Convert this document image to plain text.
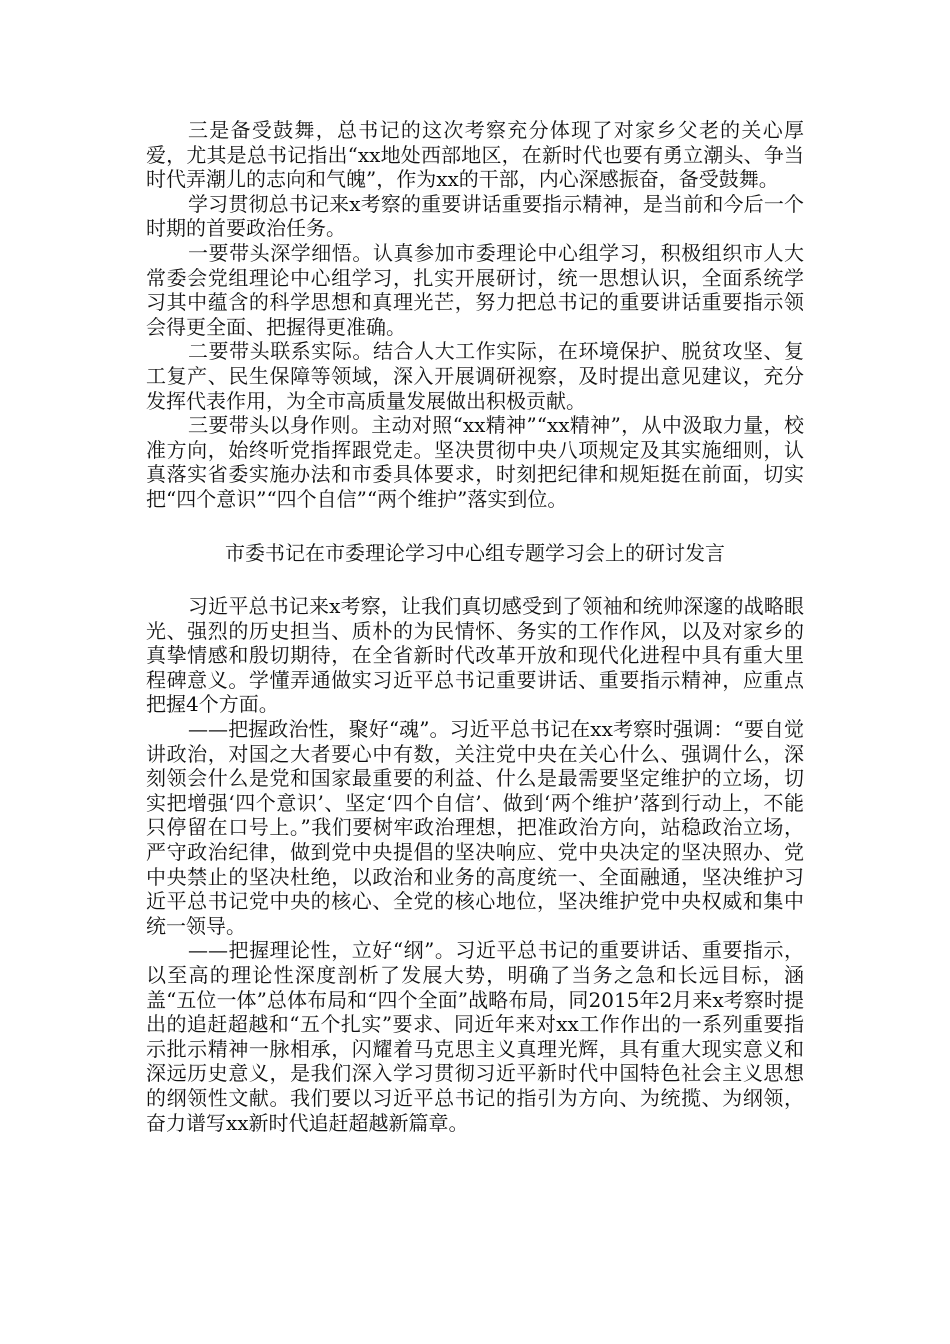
三是备受鼓舞，总书记的这次考察充分体现了对家乡父老的关心厚爱，尤其是总书记指出“xx地处西部地区，在新时代也要有勇立潮头、争当时代弄潮儿的志向和气魄”，作为xx的干部，内心深感振奋，备受鼓舞。

学习贯彻总书记来x考察的重要讲话重要指示精神，是当前和今后一个时期的首要政治任务。

一要带头深学细悟。认真参加市委理论中心组学习，积极组织市人大常委会党组理论中心组学习，扎实开展研讨，统一思想认识，全面系统学习其中蕴含的科学思想和真理光芒，努力把总书记的重要讲话重要指示领会得更全面、把握得更准确。

二要带头联系实际。结合人大工作实际，在环境保护、脱贫攻坚、复工复产、民生保障等领域，深入开展调研视察，及时提出意见建议，充分发挥代表作用，为全市高质量发展做出积极贡献。

三要带头以身作则。主动对照“xx精神”“xx精神”，从中汲取力量，校准方向，始终听党指挥跟党走。坚决贯彻中央八项规定及其实施细则，认真落实省委实施办法和市委具体要求，时刻把纪律和规矩挺在前面，切实把“四个意识”“四个自信”“两个维护”落实到位。

市委书记在市委理论学习中心组专题学习会上的研讨发言

习近平总书记来x考察，让我们真切感受到了领袖和统帅深邃的战略眼光、强烈的历史担当、质朴的为民情怀、务实的工作作风，以及对家乡的真挚情感和殷切期待，在全省新时代改革开放和现代化进程中具有重大里程碑意义。学懂弄通做实习近平总书记重要讲话、重要指示精神，应重点把握4个方面。

——把握政治性，聚好“魂”。习近平总书记在xx考察时强调：“要自觉讲政治，对国之大者要心中有数，关注党中央在关心什么、强调什么，深刻领会什么是党和国家最重要的利益、什么是最需要坚定维护的立场，切实把增强‘四个意识’、坚定‘四个自信’、做到‘两个维护’落到行动上，不能只停留在口号上。”我们要树牢政治理想，把准政治方向，站稳政治立场，严守政治纪律，做到党中央提倡的坚决响应、党中央决定的坚决照办、党中央禁止的坚决杜绝，以政治和业务的高度统一、全面融通，坚决维护习近平总书记党中央的核心、全党的核心地位，坚决维护党中央权威和集中统一领导。

——把握理论性，立好“纲”。习近平总书记的重要讲话、重要指示，以至高的理论性深度剖析了发展大势，明确了当务之急和长远目标，涵盖“五位一体”总体布局和“四个全面”战略布局，同2015年2月来x考察时提出的追赶超越和“五个扎实”要求、同近年来对xx工作作出的一系列重要指示批示精神一脉相承，闪耀着马克思主义真理光辉，具有重大现实意义和深远历史意义，是我们深入学习贯彻习近平新时代中国特色社会主义思想的纲领性文献。我们要以习近平总书记的指引为方向、为统揽、为纲领，奋力谱写xx新时代追赶超越新篇章。
